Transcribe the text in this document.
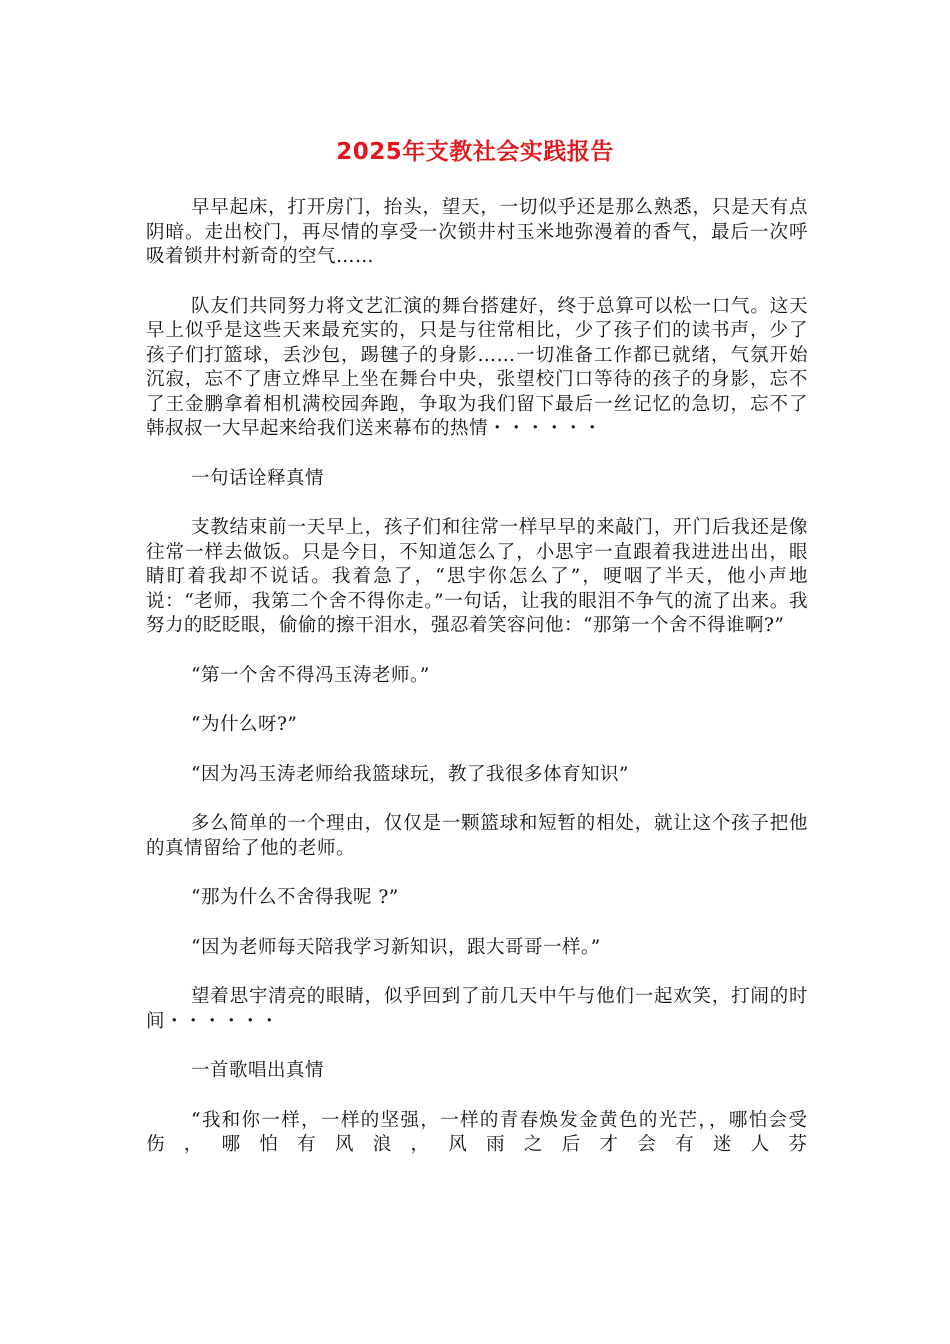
2025年支教社会实践报告

早早起床，打开房门，抬头，望天，一切似乎还是那么熟悉，只是天有点阴暗。走出校门，再尽情的享受一次锁井村玉米地弥漫着的香气，最后一次呼吸着锁井村新奇的空气……

队友们共同努力将文艺汇演的舞台搭建好，终于总算可以松一口气。这天早上似乎是这些天来最充实的，只是与往常相比，少了孩子们的读书声，少了孩子们打篮球，丢沙包，踢毽子的身影……一切准备工作都已就绪，气氛开始沉寂，忘不了唐立烨早上坐在舞台中央，张望校门口等待的孩子的身影，忘不了王金鹏拿着相机满校园奔跑，争取为我们留下最后一丝记忆的急切，忘不了韩叔叔一大早起来给我们送来幕布的热情・・・・・・

一句话诠释真情

支教结束前一天早上，孩子们和往常一样早早的来敲门，开门后我还是像往常一样去做饭。只是今日，不知道怎么了，小思宇一直跟着我进进出出，眼睛盯着我却不说话。我着急了，“思宇你怎么了”，哽咽了半天，他小声地说：“老师，我第二个舍不得你走。”一句话，让我的眼泪不争气的流了出来。我努力的眨眨眼，偷偷的擦干泪水，强忍着笑容问他：“那第一个舍不得谁啊?”

“第一个舍不得冯玉涛老师。”

“为什么呀?”

“因为冯玉涛老师给我篮球玩，教了我很多体育知识”

多么简单的一个理由，仅仅是一颗篮球和短暂的相处，就让这个孩子把他的真情留给了他的老师。

“那为什么不舍得我呢 ?”

“因为老师每天陪我学习新知识，跟大哥哥一样。”

望着思宇清亮的眼睛，似乎回到了前几天中午与他们一起欢笑，打闹的时间・・・・・・

一首歌唱出真情

“我和你一样，一样的坚强，一样的青春焕发金黄色的光芒，，哪怕会受伤，哪怕有风浪，风雨之后才会有迷人芬
